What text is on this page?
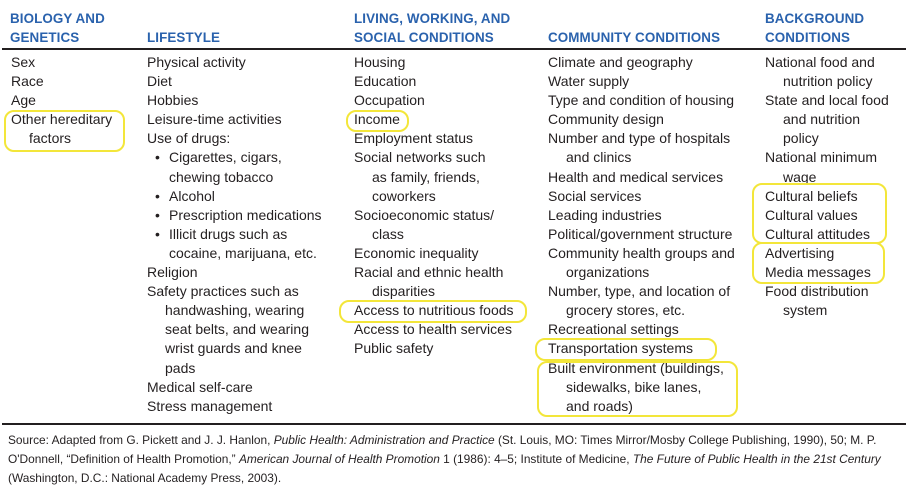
BIOLOGY AND
GENETICS	LIFESTYLE
LIVING, WORKING, AND
SOCIAL CONDITIONS	COMMUNITY CONDITIONS
BACKGROUND
CONDITIONS
Sex
Race
Age
Other hereditary
factors
Physical activity
Diet
Hobbies
Leisure-time activities
Use of drugs:
• Cigarettes, cigars,
chewing tobacco
• Alcohol
• Prescription medications
• Illicit drugs such as
cocaine, marijuana, etc.
Religion
Safety practices such as
handwashing, wearing
seat belts, and wearing
wrist guards and knee
pads
Medical self-care
Stress management
Housing
Education
Occupation
Income
Employment status
Social networks such
as family, friends,
coworkers
Socioeconomic status/
class
Economic inequality
Racial and ethnic health
disparities
Access to nutritious foods
Access to health services
Public safety
Climate and geography
Water supply
Type and condition of housing
Community design
Number and type of hospitals
and clinics
Health and medical services
Social services
Leading industries
Political/government structure
Community health groups and
organizations
Number, type, and location of
grocery stores, etc.
Recreational settings
Transportation systems
Built environment (buildings,
sidewalks, bike lanes,
and roads)
National food and
nutrition policy
State and local food
and nutrition
policy
National minimum
wage
Cultural beliefs
Cultural values
Cultural attitudes
Advertising
Media messages
Food distribution
system
Source: Adapted from G. Pickett and J. J. Hanlon, Public Health: Administration and Practice (St. Louis, MO: Times Mirror/Mosby College Publishing, 1990), 50; M. P. O'Donnell, “Definition of Health Promotion,” American Journal of Health Promotion 1 (1986): 4–5; Institute of Medicine, The Future of Public Health in the 21st Century (Washington, D.C.: National Academy Press, 2003).
